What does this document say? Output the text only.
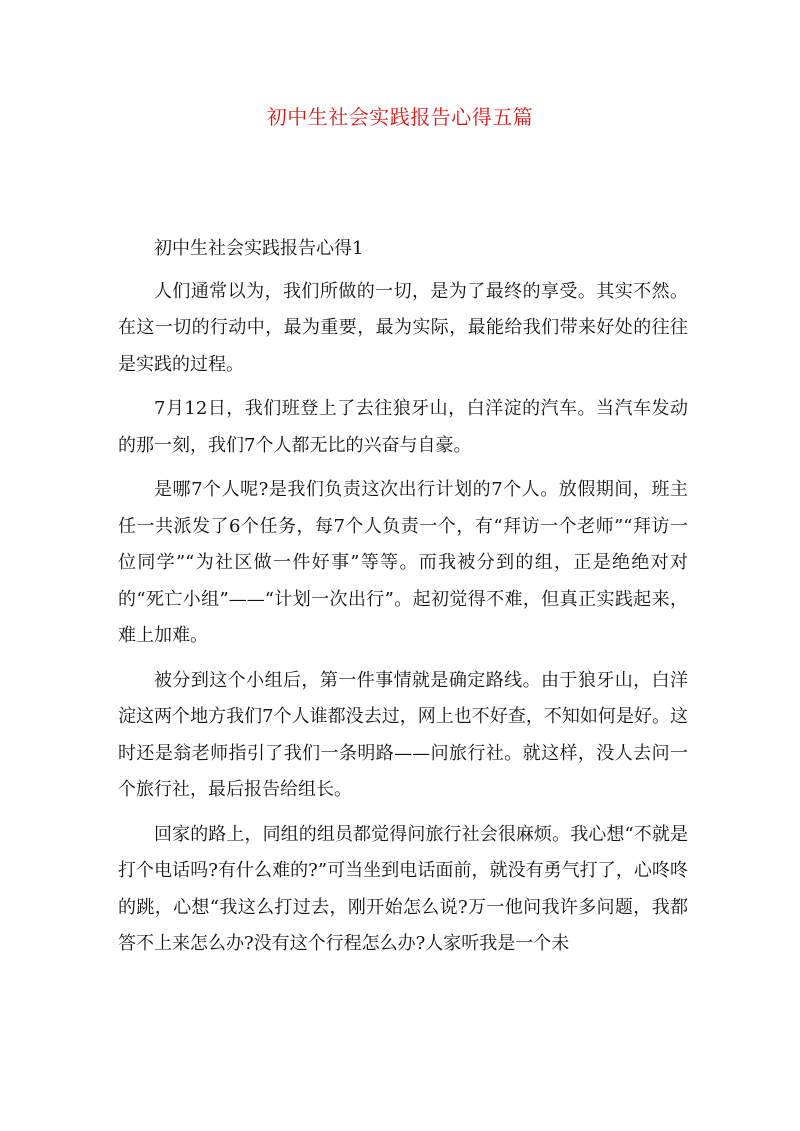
初中生社会实践报告心得五篇

初中生社会实践报告心得1

人们通常以为，我们所做的一切，是为了最终的享受。其实不然。在这一切的行动中，最为重要，最为实际，最能给我们带来好处的往往是实践的过程。

7月12日，我们班登上了去往狼牙山，白洋淀的汽车。当汽车发动的那一刻，我们7个人都无比的兴奋与自豪。

是哪7个人呢?是我们负责这次出行计划的7个人。放假期间，班主任一共派发了6个任务，每7个人负责一个，有“拜访一个老师”“拜访一位同学”“为社区做一件好事”等等。而我被分到的组，正是绝绝对对的“死亡小组”——“计划一次出行”。起初觉得不难，但真正实践起来，难上加难。

被分到这个小组后，第一件事情就是确定路线。由于狼牙山，白洋淀这两个地方我们7个人谁都没去过，网上也不好查，不知如何是好。这时还是翁老师指引了我们一条明路——问旅行社。就这样，没人去问一个旅行社，最后报告给组长。

回家的路上，同组的组员都觉得问旅行社会很麻烦。我心想“不就是打个电话吗?有什么难的?”可当坐到电话面前，就没有勇气打了，心咚咚的跳，心想“我这么打过去，刚开始怎么说?万一他问我许多问题，我都答不上来怎么办?没有这个行程怎么办?人家听我是一个未
